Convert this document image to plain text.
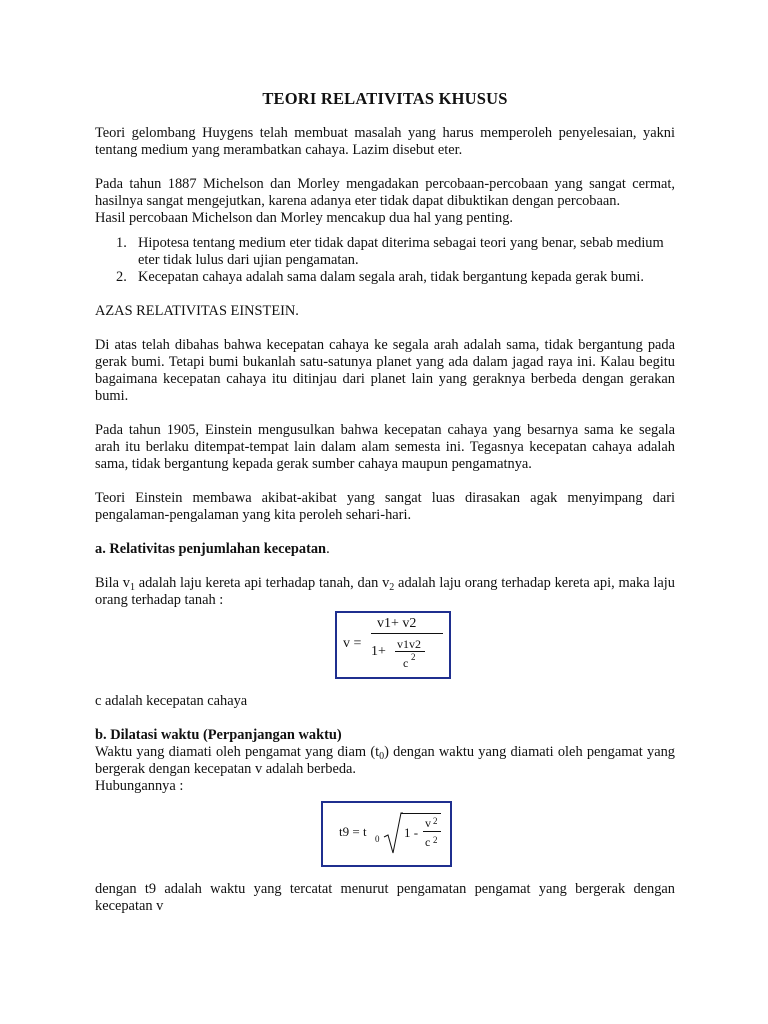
TEORI RELATIVITAS KHUSUS

Teori gelombang Huygens telah membuat masalah yang harus memperoleh penyelesaian, yakni tentang medium yang merambatkan cahaya. Lazim disebut eter.

Pada tahun 1887 Michelson dan Morley mengadakan percobaan-percobaan yang sangat cermat, hasilnya sangat mengejutkan, karena adanya eter tidak dapat dibuktikan dengan percobaan.

Hasil percobaan Michelson dan Morley mencakup dua hal yang penting.

1. Hipotesa tentang medium eter tidak dapat diterima sebagai teori yang benar, sebab medium eter tidak lulus dari ujian pengamatan.
2. Kecepatan cahaya adalah sama dalam segala arah, tidak bergantung kepada gerak bumi.

AZAS RELATIVITAS EINSTEIN.

Di atas telah dibahas bahwa kecepatan cahaya ke segala arah adalah sama, tidak bergantung pada gerak bumi. Tetapi bumi bukanlah satu-satunya planet yang ada dalam jagad raya ini. Kalau begitu bagaimana kecepatan cahaya itu ditinjau dari planet lain yang geraknya berbeda dengan gerakan bumi.

Pada tahun 1905, Einstein mengusulkan bahwa kecepatan cahaya yang besarnya sama ke segala arah itu berlaku ditempat-tempat lain dalam alam semesta ini. Tegasnya kecepatan cahaya adalah sama, tidak bergantung kepada gerak sumber cahaya maupun pengamatnya.

Teori Einstein membawa akibat-akibat yang sangat luas dirasakan agak menyimpang dari pengalaman-pengalaman yang kita peroleh sehari-hari.

a. Relativitas penjumlahan kecepatan.

Bila $v_1$ adalah laju kereta api terhadap tanah, dan $v_2$ adalah laju orang terhadap kereta api, maka laju orang terhadap tanah :

v =
v1+ v2
1+ v1v2
c 2

c adalah kecepatan cahaya

b. Dilatasi waktu (Perpanjangan waktu)

Waktu yang diamati oleh pengamat yang diam $(t_0)$ dengan waktu yang diamati oleh pengamat yang bergerak dengan kecepatan v adalah berbeda.

Hubungannya :

t9 = t 0 1 -
v 2
c 2

dengan t9 adalah waktu yang tercatat menurut pengamatan pengamat yang bergerak dengan kecepatan v
